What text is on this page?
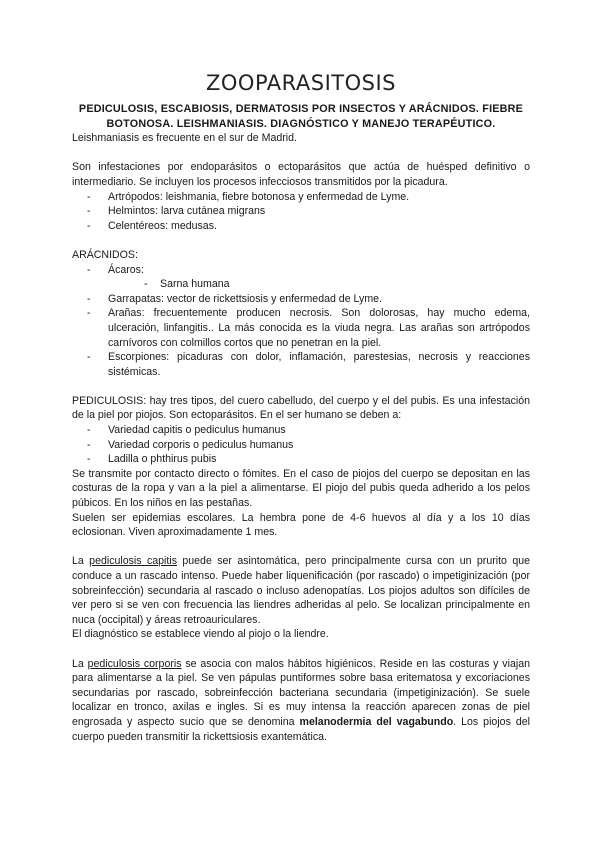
ZOOPARASITOSIS

PEDICULOSIS, ESCABIOSIS, DERMATOSIS POR INSECTOS Y ARÁCNIDOS. FIEBRE BOTONOSA. LEISHMANIASIS. DIAGNÓSTICO Y MANEJO TERAPÉUTICO.

Leishmaniasis es frecuente en el sur de Madrid.

Son infestaciones por endoparásitos o ectoparásitos que actúa de huésped definitivo o intermediario. Se incluyen los procesos infecciosos transmitidos por la picadura.

- Artrópodos: leishmania, fiebre botonosa y enfermedad de Lyme.
- Helmintos: larva cutánea migrans
- Celentéreos: medusas.

ARÁCNIDOS:

- Ácaros:
- Sarna humana
- Garrapatas: vector de rickettsiosis y enfermedad de Lyme.
- Arañas: frecuentemente producen necrosis. Son dolorosas, hay mucho edema, ulceración, linfangitis.. La más conocida es la viuda negra. Las arañas son artrópodos carnívoros con colmillos cortos que no penetran en la piel.
- Escorpiones: picaduras con dolor, inflamación, parestesias, necrosis y reacciones sistémicas.

PEDICULOSIS: hay tres tipos, del cuero cabelludo, del cuerpo y el del pubis. Es una infestación de la piel por piojos. Son ectoparásitos. En el ser humano se deben a:

- Variedad capitis o pediculus humanus
- Variedad corporis o pediculus humanus
- Ladilla o phthirus pubis

Se transmite por contacto directo o fómites. En el caso de piojos del cuerpo se depositan en las costuras de la ropa y van a la piel a alimentarse. El piojo del pubis queda adherido a los pelos púbicos. En los niños en las pestañas.

Suelen ser epidemias escolares. La hembra pone de 4-6 huevos al día y a los 10 días eclosionan. Viven aproximadamente 1 mes.

La pediculosis capitis puede ser asintomática, pero principalmente cursa con un prurito que conduce a un rascado intenso. Puede haber liquenificación (por rascado) o impetiginización (por sobreinfección) secundaria al rascado o incluso adenopatías. Los piojos adultos son difíciles de ver pero si se ven con frecuencia las liendres adheridas al pelo. Se localizan principalmente en nuca (occipital) y áreas retroauriculares.

El diagnóstico se establece viendo al piojo o la liendre.

La pediculosis corporis se asocia con malos hábitos higiénicos. Reside en las costuras y viajan para alimentarse a la piel. Se ven pápulas puntiformes sobre basa eritematosa y excoriaciones secundarias por rascado, sobreinfección bacteriana secundaria (impetiginización). Se suele localizar en tronco, axilas e ingles. Si es muy intensa la reacción aparecen zonas de piel engrosada y aspecto sucio que se denomina melanodermia del vagabundo. Los piojos del cuerpo pueden transmitir la rickettsiosis exantemática.
